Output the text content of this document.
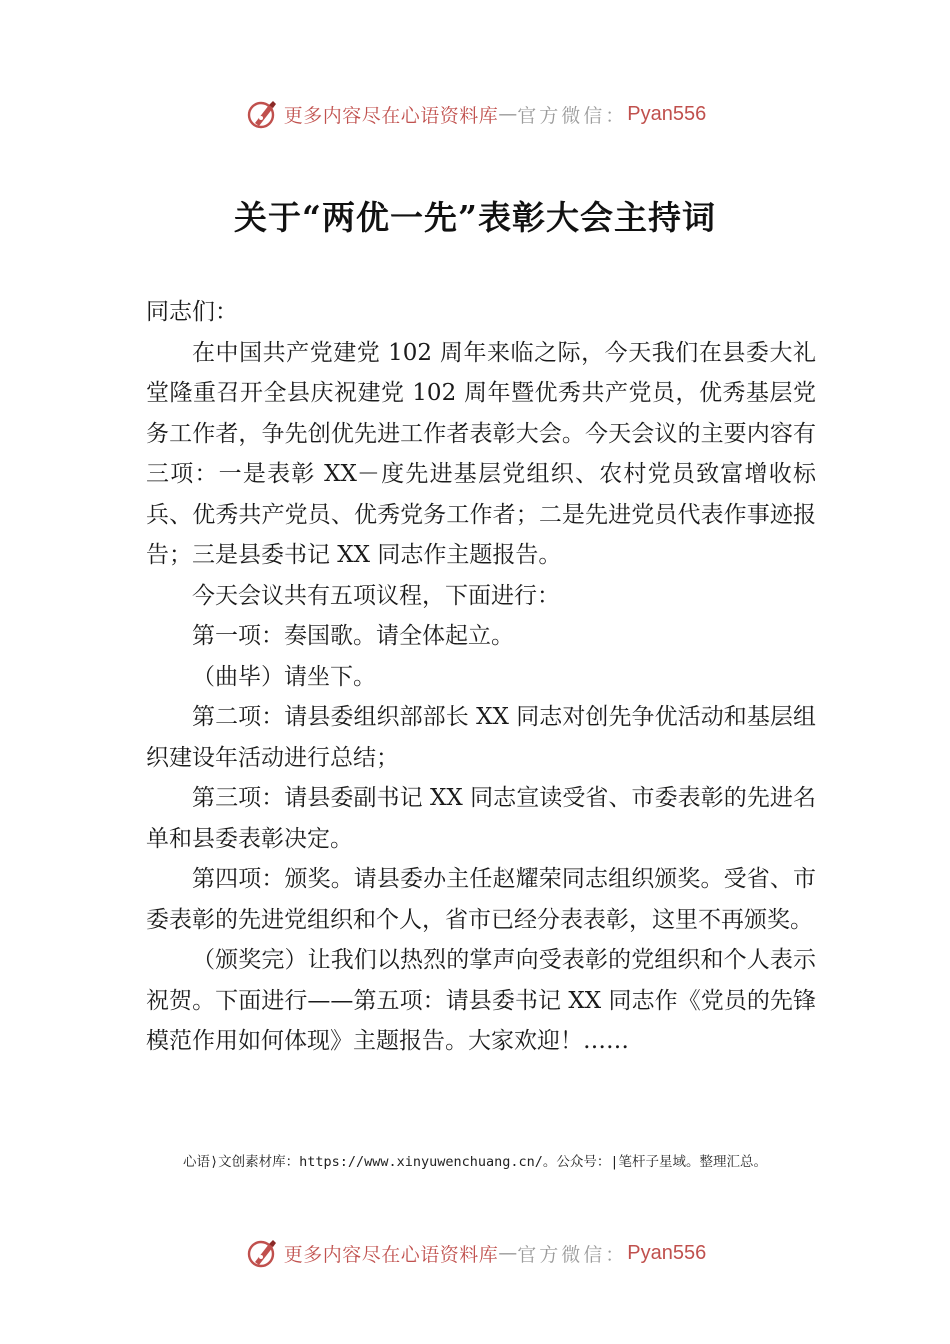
更多内容尽在心语资料库 — 官方微信： Pyan556
关于“两优一先”表彰大会主持词

同志们：

在中国共产党建党 102 周年来临之际，今天我们在县委大礼堂隆重召开全县庆祝建党 102 周年暨优秀共产党员，优秀基层党务工作者，争先创优先进工作者表彰大会。今天会议的主要内容有三项：一是表彰 XX－度先进基层党组织、农村党员致富增收标兵、优秀共产党员、优秀党务工作者；二是先进党员代表作事迹报告；三是县委书记 XX 同志作主题报告。

今天会议共有五项议程，下面进行：

第一项：奏国歌。请全体起立。

（曲毕）请坐下。

第二项：请县委组织部部长 XX 同志对创先争优活动和基层组织建设年活动进行总结；

第三项：请县委副书记 XX 同志宣读受省、市委表彰的先进名单和县委表彰决定。

第四项：颁奖。请县委办主任赵耀荣同志组织颁奖。受省、市委表彰的先进党组织和个人，省市已经分表表彰，这里不再颁奖。

（颁奖完）让我们以热烈的掌声向受表彰的党组织和个人表示祝贺。下面进行——第五项：请县委书记 XX 同志作《党员的先锋模范作用如何体现》主题报告。大家欢迎！……

心语⟩文创素材库：https://www.xinyuwenchuang.cn/。公众号：|笔杆子星域。整理汇总。
更多内容尽在心语资料库 — 官方微信： Pyan556
